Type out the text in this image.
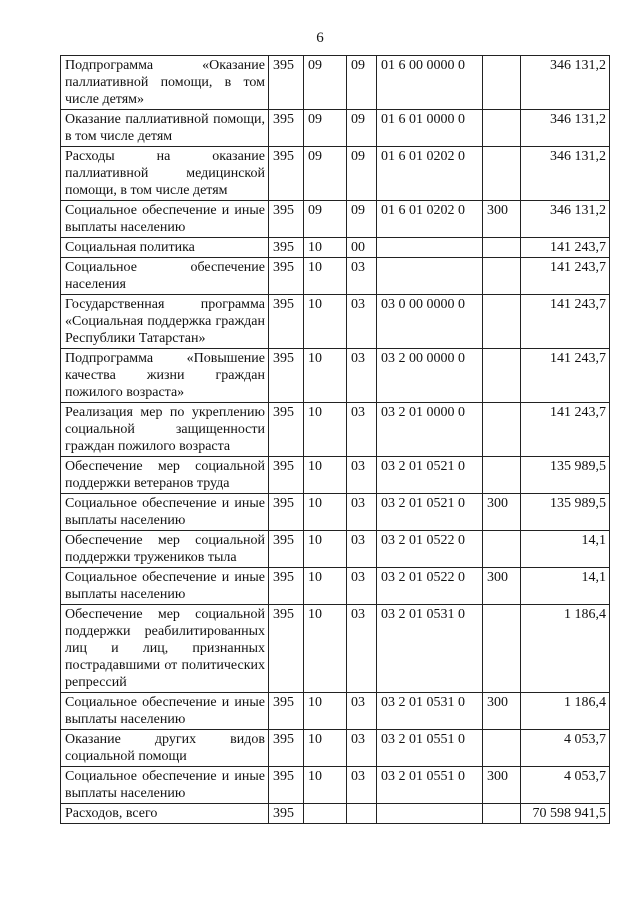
6
Подпрограмма «Оказание паллиативной помощи, в том числе детям»	395	09	09	01 6 00 0000 0		346 131,2
Оказание паллиативной помощи, в том числе детям	395	09	09	01 6 01 0000 0		346 131,2
Расходы на оказание паллиативной медицинской помощи, в том числе детям	395	09	09	01 6 01 0202 0		346 131,2
Социальное обеспечение и иные выплаты населению	395	09	09	01 6 01 0202 0	300	346 131,2
Социальная политика	395	10	00			141 243,7
Социальное обеспечение населения	395	10	03			141 243,7
Государственная программа «Социальная поддержка граждан Республики Татарстан»	395	10	03	03 0 00 0000 0		141 243,7
Подпрограмма «Повышение качества жизни граждан пожилого возраста»	395	10	03	03 2 00 0000 0		141 243,7
Реализация мер по укреплению социальной защищенности граждан пожилого возраста	395	10	03	03 2 01 0000 0		141 243,7
Обеспечение мер социальной поддержки ветеранов труда	395	10	03	03 2 01 0521 0		135 989,5
Социальное обеспечение и иные выплаты населению	395	10	03	03 2 01 0521 0	300	135 989,5
Обеспечение мер социальной поддержки тружеников тыла	395	10	03	03 2 01 0522 0		14,1
Социальное обеспечение и иные выплаты населению	395	10	03	03 2 01 0522 0	300	14,1
Обеспечение мер социальной поддержки реабилитированных лиц и лиц, признанных пострадавшими от политических репрессий	395	10	03	03 2 01 0531 0		1 186,4
Социальное обеспечение и иные выплаты населению	395	10	03	03 2 01 0531 0	300	1 186,4
Оказание других видов социальной помощи	395	10	03	03 2 01 0551 0		4 053,7
Социальное обеспечение и иные выплаты населению	395	10	03	03 2 01 0551 0	300	4 053,7
Расходов, всего	395					70 598 941,5
